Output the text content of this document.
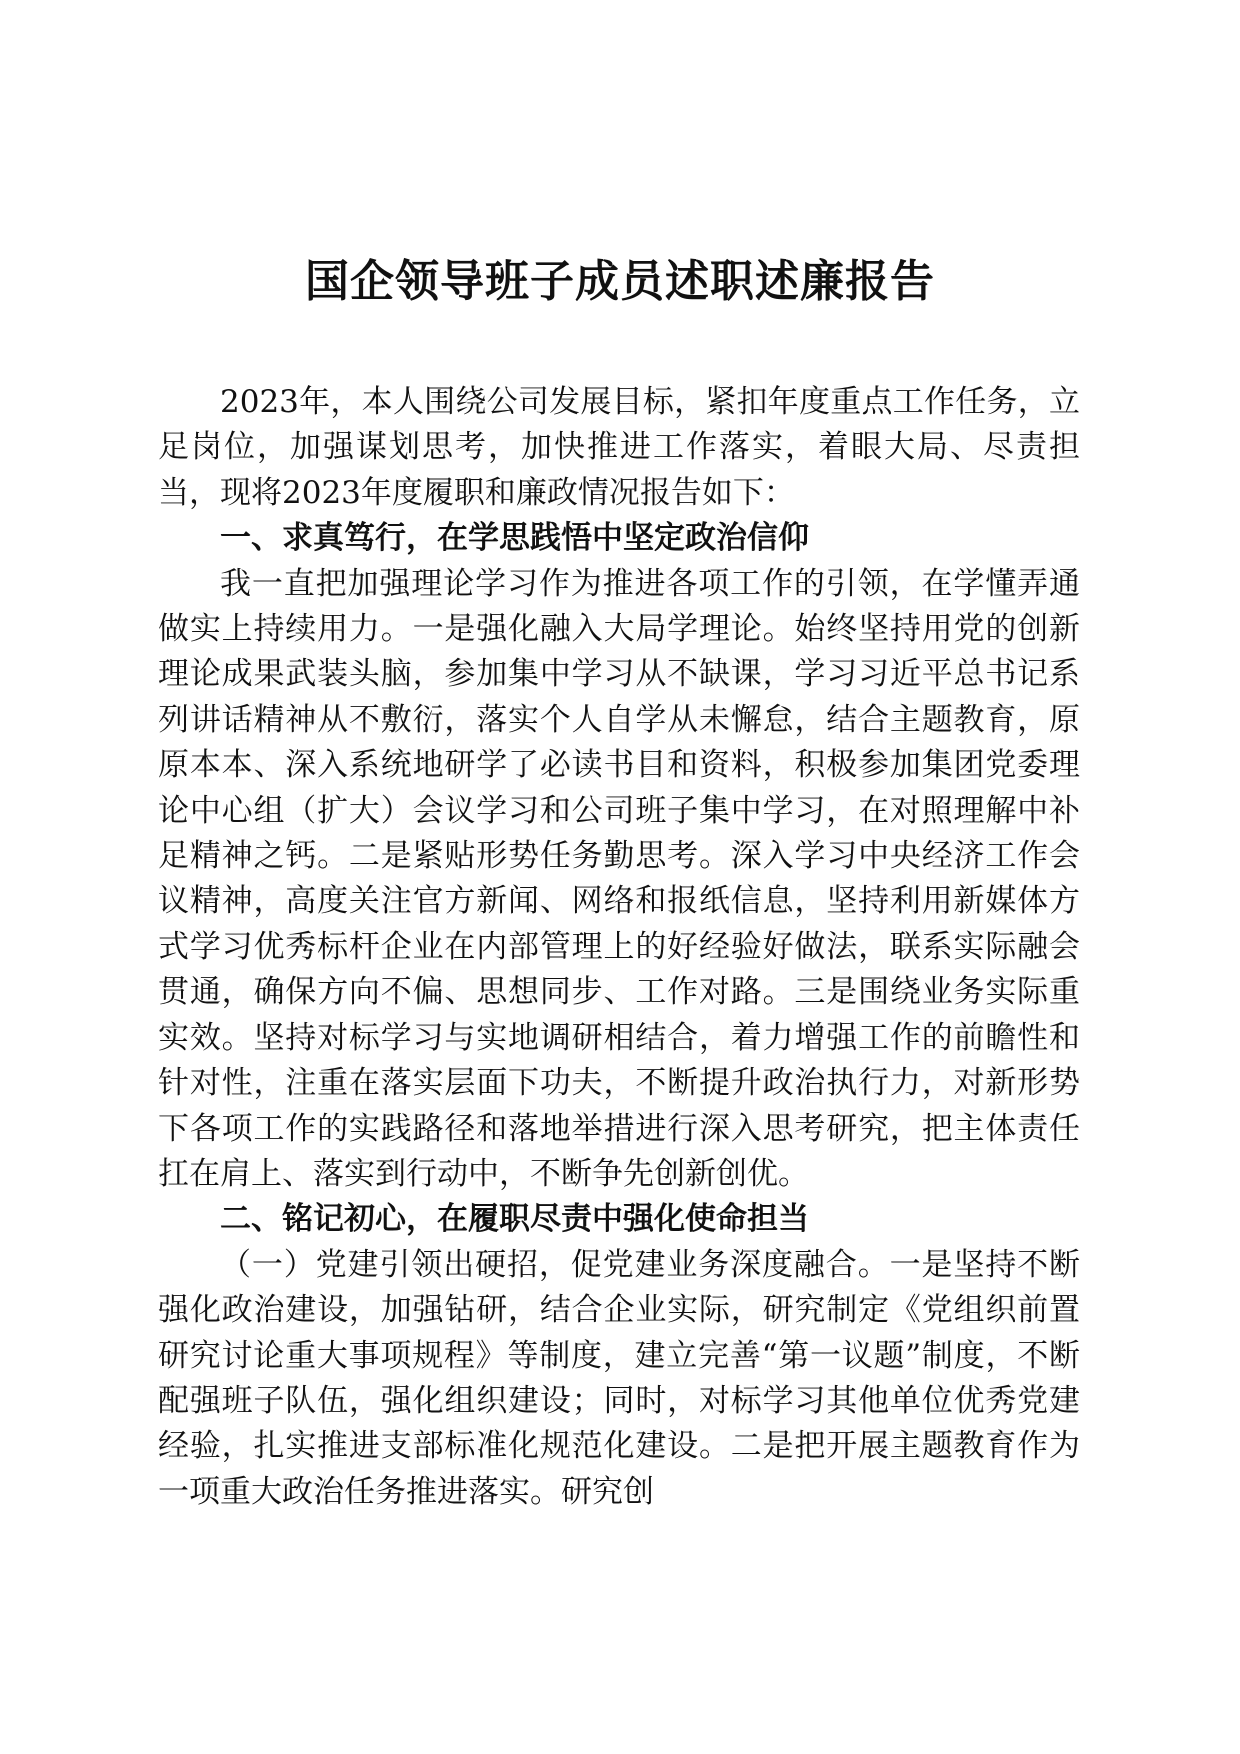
国企领导班子成员述职述廉报告

2023年，本人围绕公司发展目标，紧扣年度重点工作任务，立足岗位，加强谋划思考，加快推进工作落实，着眼大局、尽责担当，现将2023年度履职和廉政情况报告如下：

一、求真笃行，在学思践悟中坚定政治信仰

我一直把加强理论学习作为推进各项工作的引领，在学懂弄通做实上持续用力。一是强化融入大局学理论。始终坚持用党的创新理论成果武装头脑，参加集中学习从不缺课，学习习近平总书记系列讲话精神从不敷衍，落实个人自学从未懈怠，结合主题教育，原原本本、深入系统地研学了必读书目和资料，积极参加集团党委理论中心组（扩大）会议学习和公司班子集中学习，在对照理解中补足精神之钙。二是紧贴形势任务勤思考。深入学习中央经济工作会议精神，高度关注官方新闻、网络和报纸信息，坚持利用新媒体方式学习优秀标杆企业在内部管理上的好经验好做法，联系实际融会贯通，确保方向不偏、思想同步、工作对路。三是围绕业务实际重实效。坚持对标学习与实地调研相结合，着力增强工作的前瞻性和针对性，注重在落实层面下功夫，不断提升政治执行力，对新形势下各项工作的实践路径和落地举措进行深入思考研究，把主体责任扛在肩上、落实到行动中，不断争先创新创优。

二、铭记初心，在履职尽责中强化使命担当

（一）党建引领出硬招，促党建业务深度融合。一是坚持不断强化政治建设，加强钻研，结合企业实际，研究制定《党组织前置研究讨论重大事项规程》等制度，建立完善“第一议题”制度，不断配强班子队伍，强化组织建设；同时，对标学习其他单位优秀党建经验，扎实推进支部标准化规范化建设。二是把开展主题教育作为一项重大政治任务推进落实。研究创
